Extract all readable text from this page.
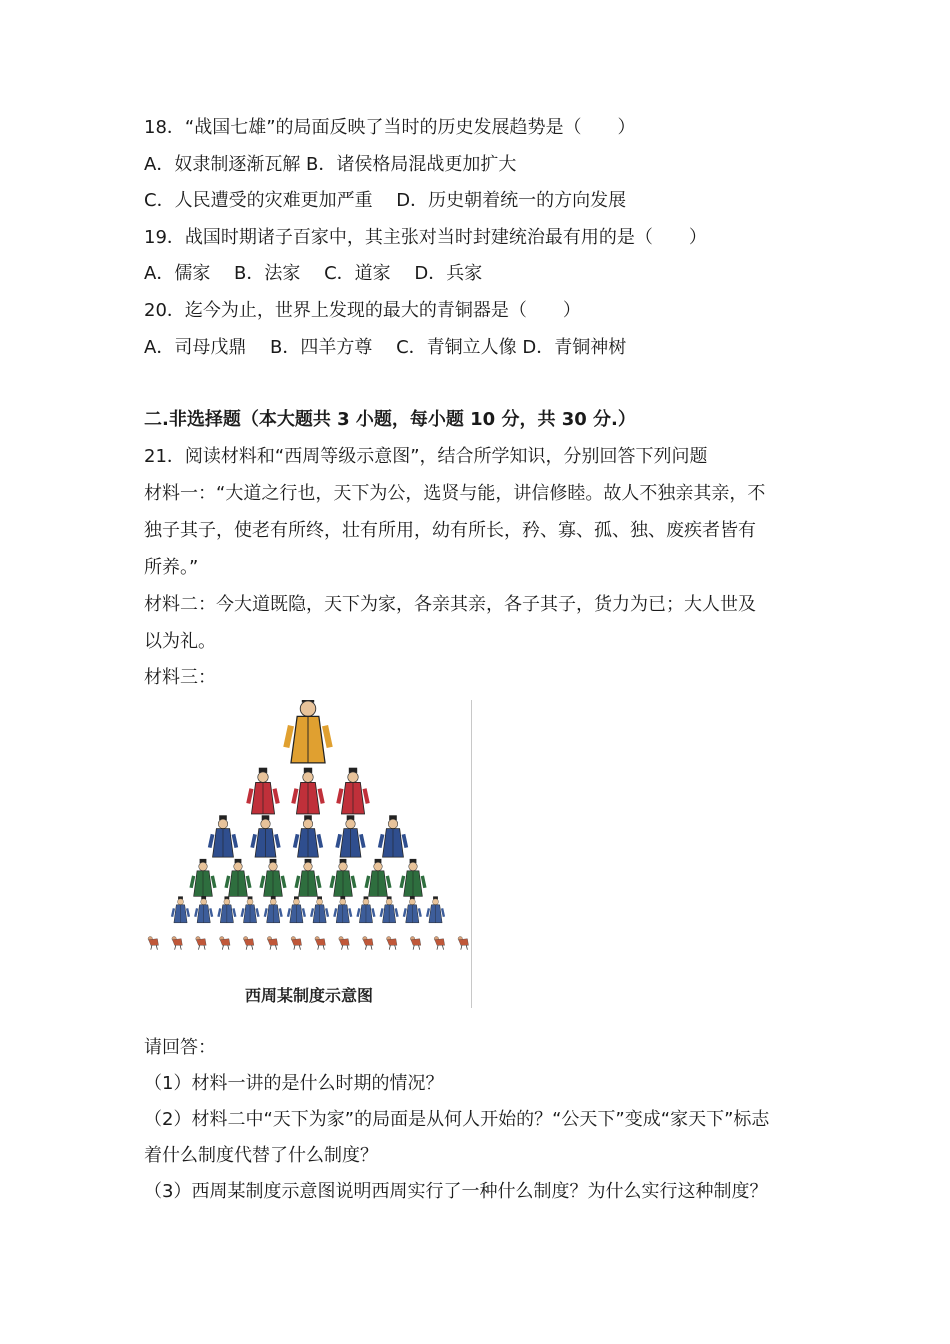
18．“战国七雄”的局面反映了当时的历史发展趋势是（　　）
A．奴隶制逐渐瓦解 B．诸侯格局混战更加扩大
C．人民遭受的灾难更加严重　 D．历史朝着统一的方向发展
19．战国时期诸子百家中，其主张对当时封建统治最有用的是（　　）
A．儒家　 B．法家　 C．道家　 D．兵家
20．迄今为止，世界上发现的最大的青铜器是（　　）
A．司母戊鼎　 B．四羊方尊　 C．青铜立人像 D．青铜神树
二.非选择题（本大题共 3 小题，每小题 10 分，共 30 分.）
21．阅读材料和“西周等级示意图”，结合所学知识，分别回答下列问题
材料一：“大道之行也，天下为公，选贤与能，讲信修睦。故人不独亲其亲，不
独子其子，使老有所终，壮有所用，幼有所长，矜、寡、孤、独、废疾者皆有
所养。”
材料二：今大道既隐，天下为家，各亲其亲，各子其子，货力为已；大人世及
以为礼。
材料三：
西周某制度示意图
请回答：
（1）材料一讲的是什么时期的情况？
（2）材料二中“天下为家”的局面是从何人开始的？“公天下”变成“家天下”标志
着什么制度代替了什么制度？
（3）西周某制度示意图说明西周实行了一种什么制度？为什么实行这种制度？
